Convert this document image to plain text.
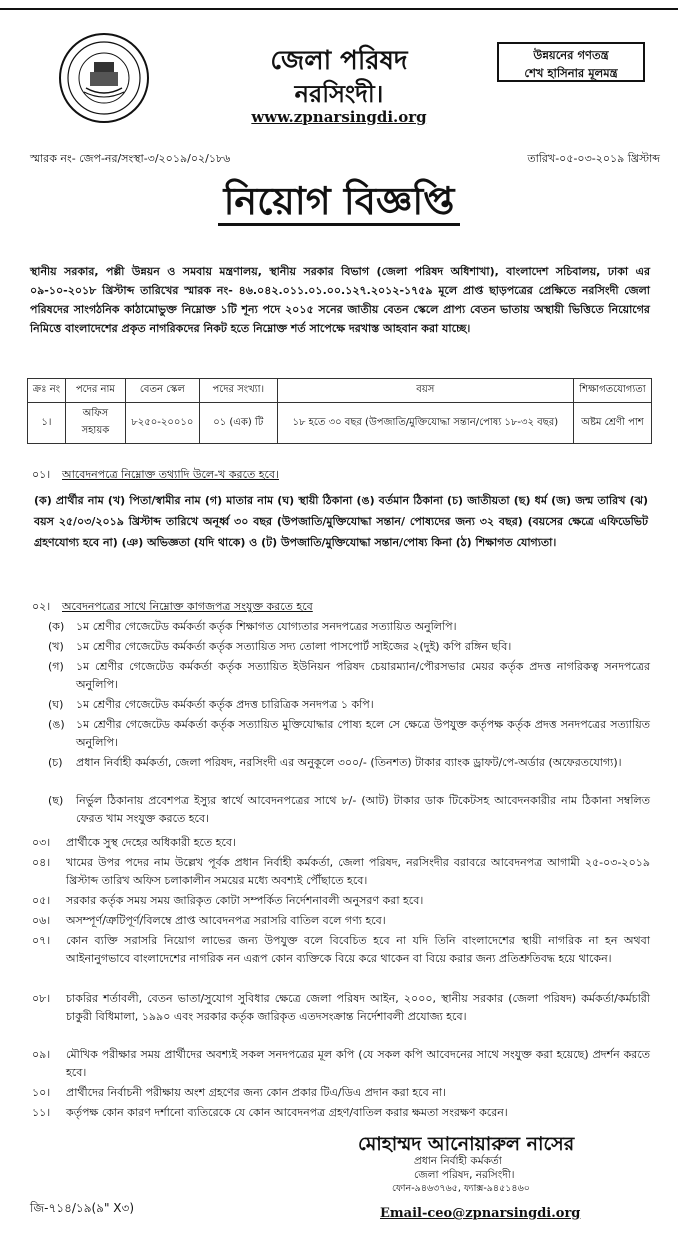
জেলা পরিষদ
নরসিংদী।
www.zpnarsingdi.org
উন্নয়নের গণতন্ত্র
শেখ হাসিনার মূলমন্ত্র
স্মারক নং- জেপ-নর/সংস্থা-৩/২০১৯/০২/১৮৬	তারিখ-০৫-০৩-২০১৯ খ্রিস্টাব্দ
নিয়োগ বিজ্ঞপ্তি
স্থানীয় সরকার, পল্লী উন্নয়ন ও সমবায় মন্ত্রণালয়, স্থানীয় সরকার বিভাগ (জেলা পরিষদ অধিশাখা), বাংলাদেশ সচিবালয়, ঢাকা এর ০৯-১০-২০১৮ খ্রিস্টাব্দ তারিখের স্মারক নং- ৪৬.০৪২.০১১.০১.০০.১২৭.২০১২-১৭৫৯ মূলে প্রাপ্ত ছাড়পত্রের প্রেক্ষিতে নরসিংদী জেলা পরিষদের সাংগঠনিক কাঠামোভুক্ত নিম্নোক্ত ১টি শূন্য পদে ২০১৫ সনের জাতীয় বেতন স্কেলে প্রাপ্য বেতন ভাতায় অস্থায়ী ভিত্তিতে নিয়োগের নিমিত্তে বাংলাদেশের প্রকৃত নাগরিকদের নিকট হতে নিম্নোক্ত শর্ত সাপেক্ষে দরখাস্ত আহবান করা যাচ্ছে।
ক্রঃ নং	পদের নাম	বেতন স্কেল	পদের সংখ্যা।	বয়স	শিক্ষাগতযোগ্যতা
১।	অফিস সহায়ক	৮২৫০-২০০১০	০১ (এক) টি	১৮ হতে ৩০ বছর (উপজাতি/মুক্তিযোদ্ধা সন্তান/পোষ্য ১৮-৩২ বছর)	অষ্টম শ্রেণী পাশ
০১। আবেদনপত্রে নিম্নোক্ত তথ্যাদি উলে-খ করতে হবে।
(ক) প্রার্থীর নাম (খ) পিতা/স্বামীর নাম (গ) মাতার নাম (ঘ) স্থায়ী ঠিকানা (ঙ) বর্তমান ঠিকানা (চ) জাতীয়তা (ছ) ধর্ম (জ) জন্ম তারিখ (ঝ) বয়স ২৫/০৩/২০১৯ খ্রিস্টাব্দ তারিখে অনূর্ধ্ব ৩০ বছর (উপজাতি/মুক্তিযোদ্ধা সন্তান/ পোষ্যদের জন্য ৩২ বছর) (বয়সের ক্ষেত্রে এফিডেভিট গ্রহণযোগ্য হবে না) (ঞ) অভিজ্ঞতা (যদি থাকে) ও (ট) উপজাতি/মুক্তিযোদ্ধা সন্তান/পোষ্য কিনা (ঠ) শিক্ষাগত যোগ্যতা।
০২। অবেদনপত্রের সাথে নিম্নোক্ত কাগজপত্র সংযুক্ত করতে হবে
(ক) ১ম শ্রেণীর গেজেটেড কর্মকর্তা কর্তৃক শিক্ষাগত যোগ্যতার সনদপত্রের সত্যায়িত অনুলিপি।
(খ) ১ম শ্রেণীর গেজেটেড কর্মকর্তা কর্তৃক সত্যায়িত সদ্য তোলা পাসপোর্ট সাইজের ২(দুই) কপি রঙ্গিন ছবি।
(গ) ১ম শ্রেণীর গেজেটেড কর্মকর্তা কর্তৃক সত্যায়িত ইউনিয়ন পরিষদ চেয়ারম্যান/পৌরসভার মেয়র কর্তৃক প্রদত্ত নাগরিকত্ব সনদপত্রের অনুলিপি।
(ঘ) ১ম শ্রেণীর গেজেটেড কর্মকর্তা কর্তৃক প্রদত্ত চারিত্রিক সনদপত্র ১ কপি।
(ঙ) ১ম শ্রেণীর গেজেটেড কর্মকর্তা কর্তৃক সত্যায়িত মুক্তিযোদ্ধার পোষ্য হলে সে ক্ষেত্রে উপযুক্ত কর্তৃপক্ষ কর্তৃক প্রদত্ত সনদপত্রের সত্যায়িত অনুলিপি।
(চ) প্রধান নির্বাহী কর্মকর্তা, জেলা পরিষদ, নরসিংদী এর অনুকূলে ৩০০/- (তিনশত) টাকার ব্যাংক ড্রাফট/পে-অর্ডার (অফেরতযোগ্য)।
(ছ) নির্ভুল ঠিকানায় প্রবেশপত্র ইস্যুর স্বার্থে আবেদনপত্রের সাথে ৮/- (আট) টাকার ডাক টিকেটসহ আবেদনকারীর নাম ঠিকানা সম্বলিত ফেরত খাম সংযুক্ত করতে হবে।
০৩। প্রার্থীকে সুস্থ দেহের অধিকারী হতে হবে।
০৪। খামের উপর পদের নাম উল্লেখ পূর্বক প্রধান নির্বাহী কর্মকর্তা, জেলা পরিষদ, নরসিংদীর বরাবরে আবেদনপত্র আগামী ২৫-০৩-২০১৯ খ্রিস্টাব্দ তারিখ অফিস চলাকালীন সময়ের মধ্যে অবশ্যই পৌঁছাতে হবে।
০৫। সরকার কর্তৃক সময় সময় জারিকৃত কোটা সম্পর্কিত নির্দেশনাবলী অনুসরণ করা হবে।
০৬। অসম্পূর্ণ/ত্রুটিপূর্ণ/বিলম্বে প্রাপ্ত আবেদনপত্র সরাসরি বাতিল বলে গণ্য হবে।
০৭। কোন ব্যক্তি সরাসরি নিয়োগ লাভের জন্য উপযুক্ত বলে বিবেচিত হবে না যদি তিনি বাংলাদেশের স্থায়ী নাগরিক না হন অথবা আইনানুগভাবে বাংলাদেশের নাগরিক নন এরূপ কোন ব্যক্তিকে বিয়ে করে থাকেন বা বিয়ে করার জন্য প্রতিশ্রুতিবদ্ধ হয়ে থাকেন।
০৮। চাকরির শর্তাবলী, বেতন ভাতা/সুযোগ সুবিধার ক্ষেত্রে জেলা পরিষদ আইন, ২০০০, স্থানীয় সরকার (জেলা পরিষদ) কর্মকর্তা/কর্মচারী চাকুরী বিধিমালা, ১৯৯০ এবং সরকার কর্তৃক জারিকৃত এতদসংক্রান্ত নির্দেশাবলী প্রযোজ্য হবে।
০৯। মৌখিক পরীক্ষার সময় প্রার্থীদের অবশ্যই সকল সনদপত্রের মূল কপি (যে সকল কপি আবেদনের সাথে সংযুক্ত করা হয়েছে) প্রদর্শন করতে হবে।
১০। প্রার্থীদের নির্বাচনী পরীক্ষায় অংশ গ্রহণের জন্য কোন প্রকার টিএ/ডিএ প্রদান করা হবে না।
১১। কর্তৃপক্ষ কোন কারণ দর্শানো ব্যতিরেকে যে কোন আবেদনপত্র গ্রহণ/বাতিল করার ক্ষমতা সংরক্ষণ করেন।
মোহাম্মদ আনোয়ারুল নাসের
প্রধান নির্বাহী কর্মকর্তা
জেলা পরিষদ, নরসিংদী।
ফোন-৯৪৬৩৭৬৫, ফ্যাক্স-৯৪৫১৪৬০
Email-ceo@zpnarsingdi.org
জি-৭১৪/১৯(৯" X৩)
